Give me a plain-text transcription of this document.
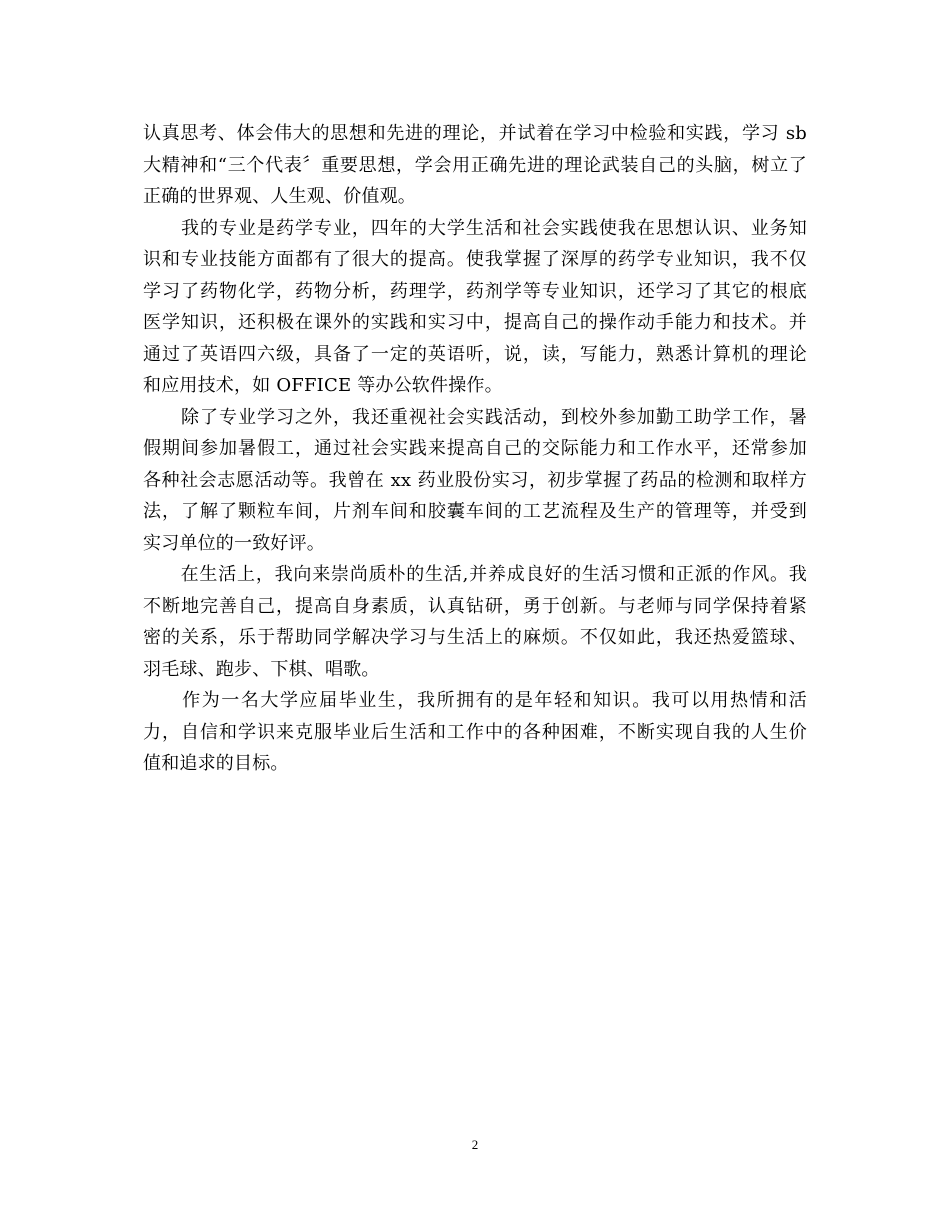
认真思考、体会伟大的思想和先进的理论，并试着在学习中检验和实践，学习 sb
大精神和“三个代表〞重要思想，学会用正确先进的理论武装自己的头脑，树立了
正确的世界观、人生观、价值观。

　　我的专业是药学专业，四年的大学生活和社会实践使我在思想认识、业务知
识和专业技能方面都有了很大的提高。使我掌握了深厚的药学专业知识，我不仅
学习了药物化学，药物分析，药理学，药剂学等专业知识，还学习了其它的根底
医学知识，还积极在课外的实践和实习中，提高自己的操作动手能力和技术。并
通过了英语四六级，具备了一定的英语听，说，读，写能力，熟悉计算机的理论
和应用技术，如 OFFICE 等办公软件操作。

　　除了专业学习之外，我还重视社会实践活动，到校外参加勤工助学工作，暑
假期间参加暑假工，通过社会实践来提高自己的交际能力和工作水平，还常参加
各种社会志愿活动等。我曾在 xx 药业股份实习，初步掌握了药品的检测和取样方
法，了解了颗粒车间，片剂车间和胶囊车间的工艺流程及生产的管理等，并受到
实习单位的一致好评。

　　在生活上，我向来崇尚质朴的生活,并养成良好的生活习惯和正派的作风。我
不断地完善自己，提高自身素质，认真钻研，勇于创新。与老师与同学保持着紧
密的关系，乐于帮助同学解决学习与生活上的麻烦。不仅如此，我还热爱篮球、
羽毛球、跑步、下棋、唱歌。

　　作为一名大学应届毕业生，我所拥有的是年轻和知识。我可以用热情和活
力，自信和学识来克服毕业后生活和工作中的各种困难，不断实现自我的人生价
值和追求的目标。

2
